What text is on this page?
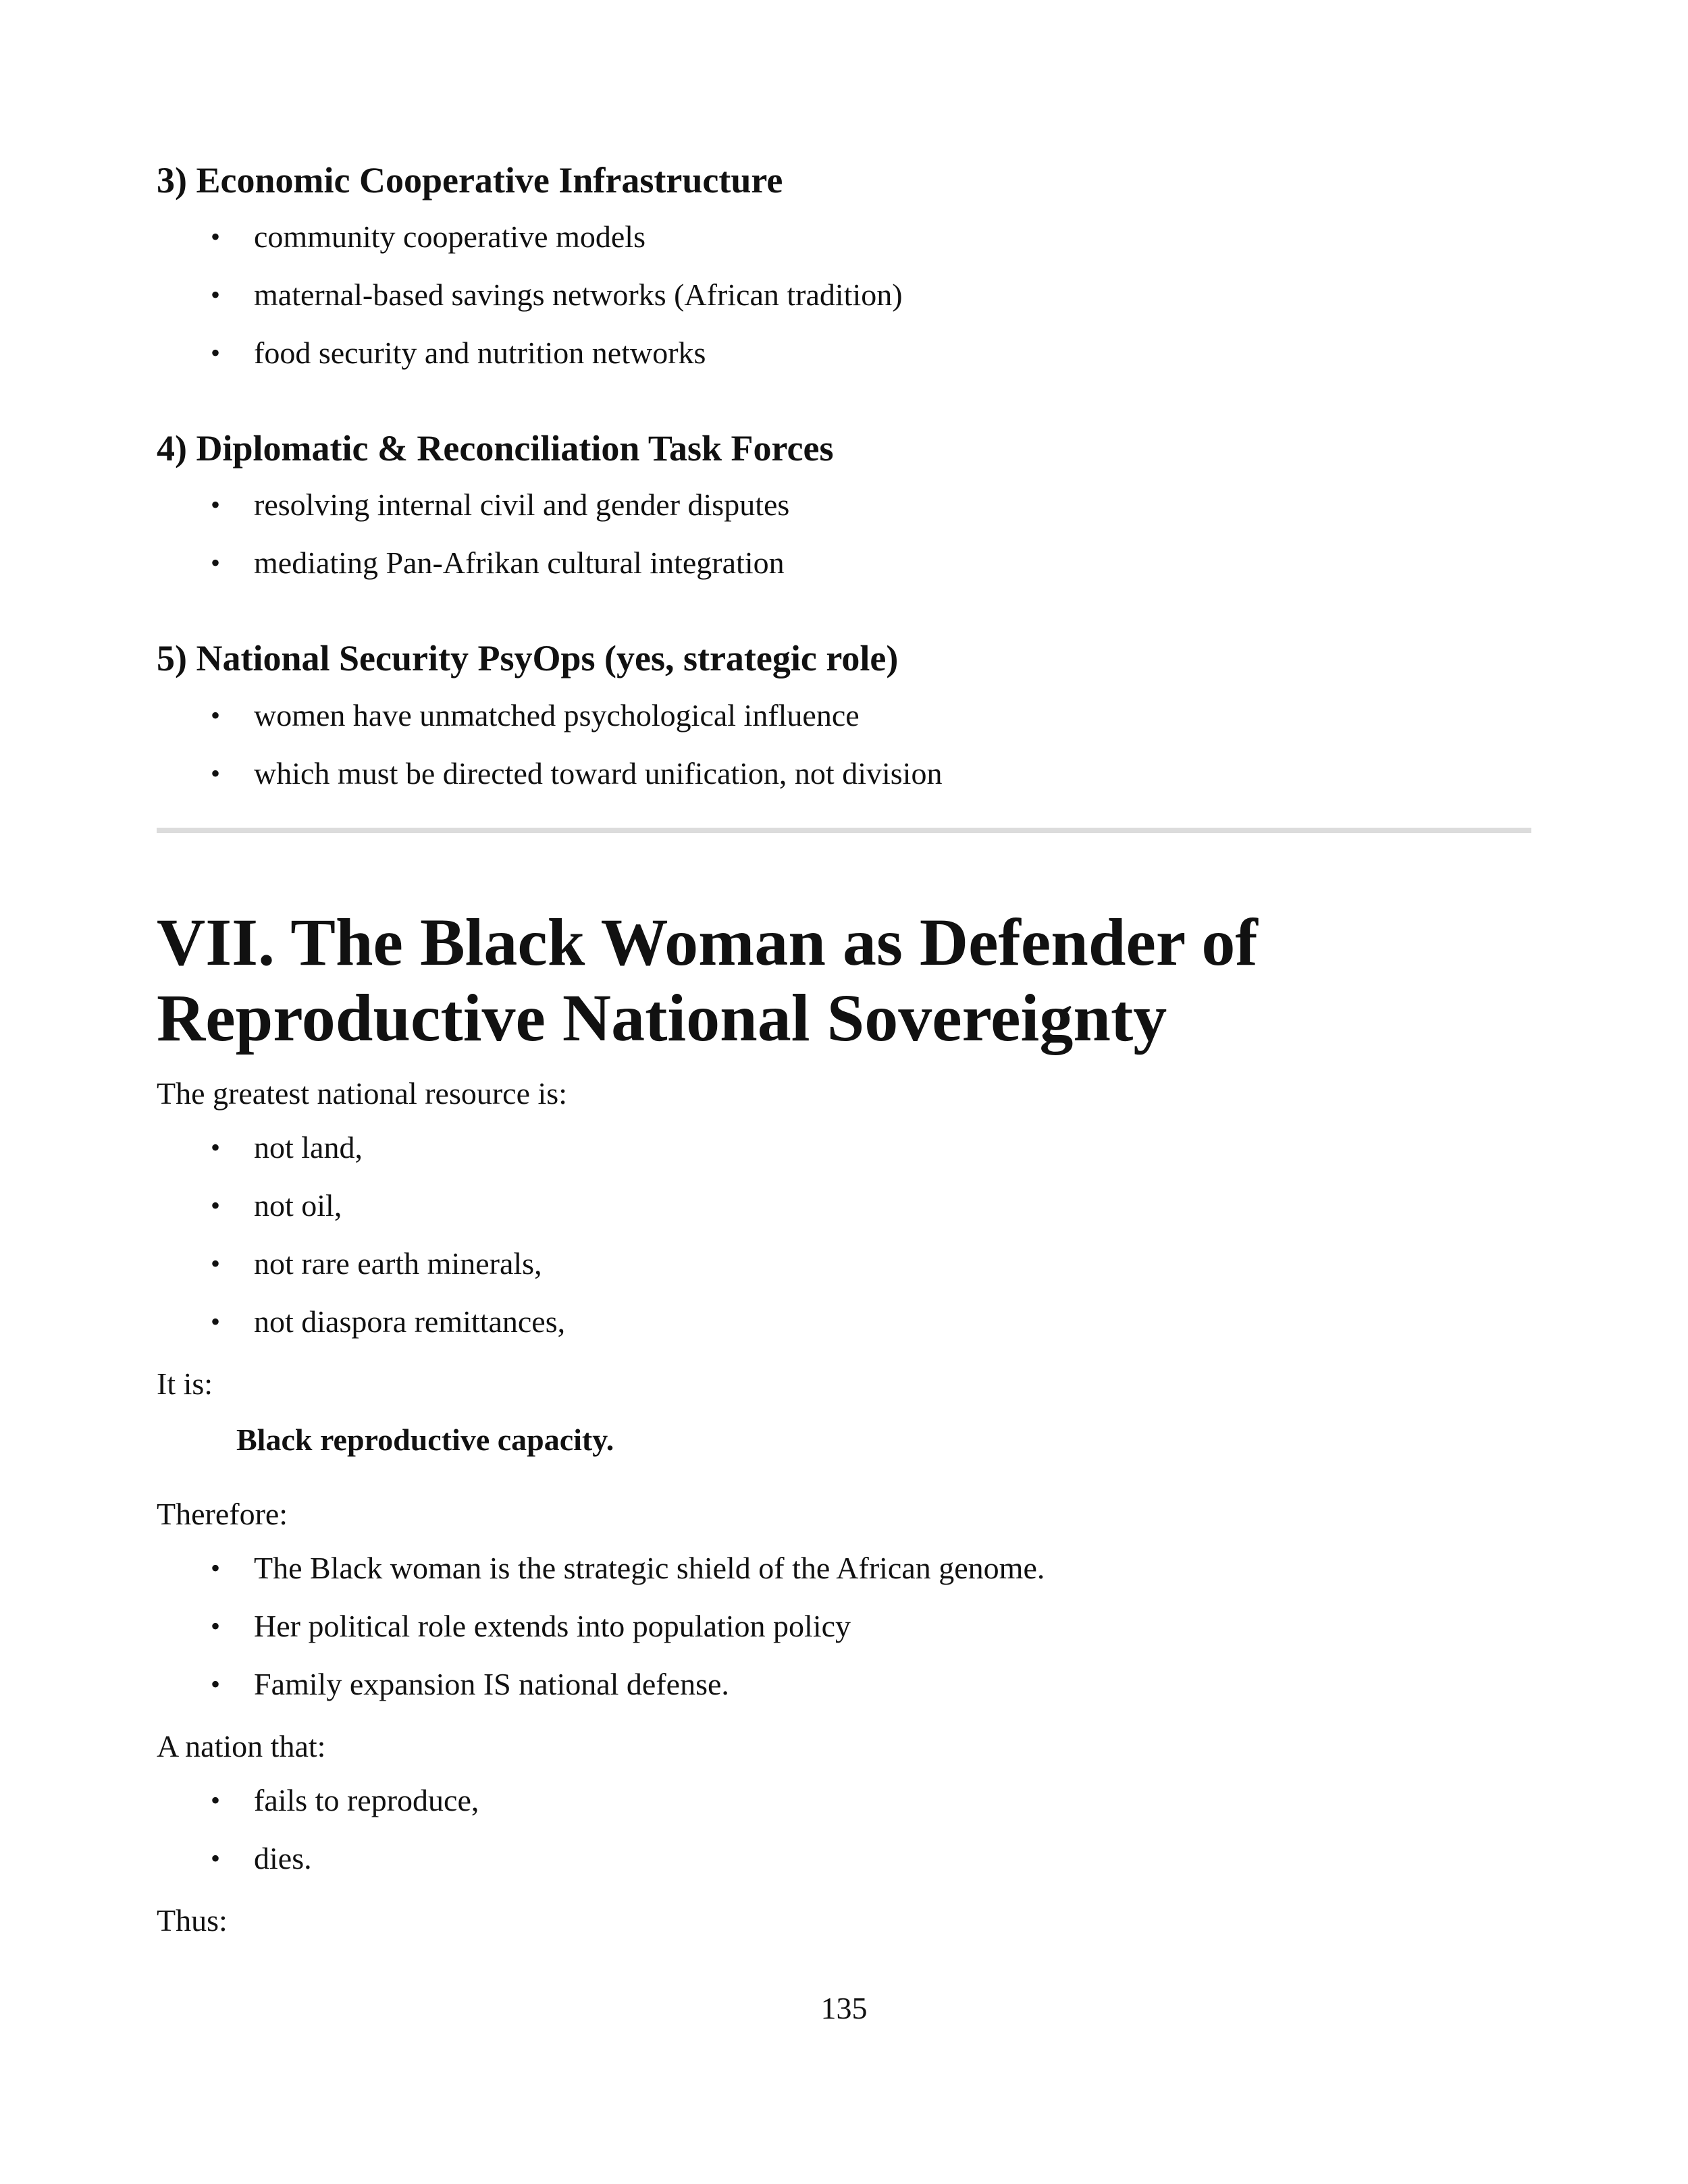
3) Economic Cooperative Infrastructure
• community cooperative models
• maternal-based savings networks (African tradition)
• food security and nutrition networks
4) Diplomatic & Reconciliation Task Forces
• resolving internal civil and gender disputes
• mediating Pan-Afrikan cultural integration
5) National Security PsyOps (yes, strategic role)
• women have unmatched psychological influence
• which must be directed toward unification, not division
VII. The Black Woman as Defender of
Reproductive National Sovereignty

The greatest national resource is:

• not land,
• not oil,
• not rare earth minerals,
• not diaspora remittances,

It is:

Black reproductive capacity.

Therefore:

• The Black woman is the strategic shield of the African genome.
• Her political role extends into population policy
• Family expansion IS national defense.

A nation that:

• fails to reproduce,
• dies.

Thus:

135
